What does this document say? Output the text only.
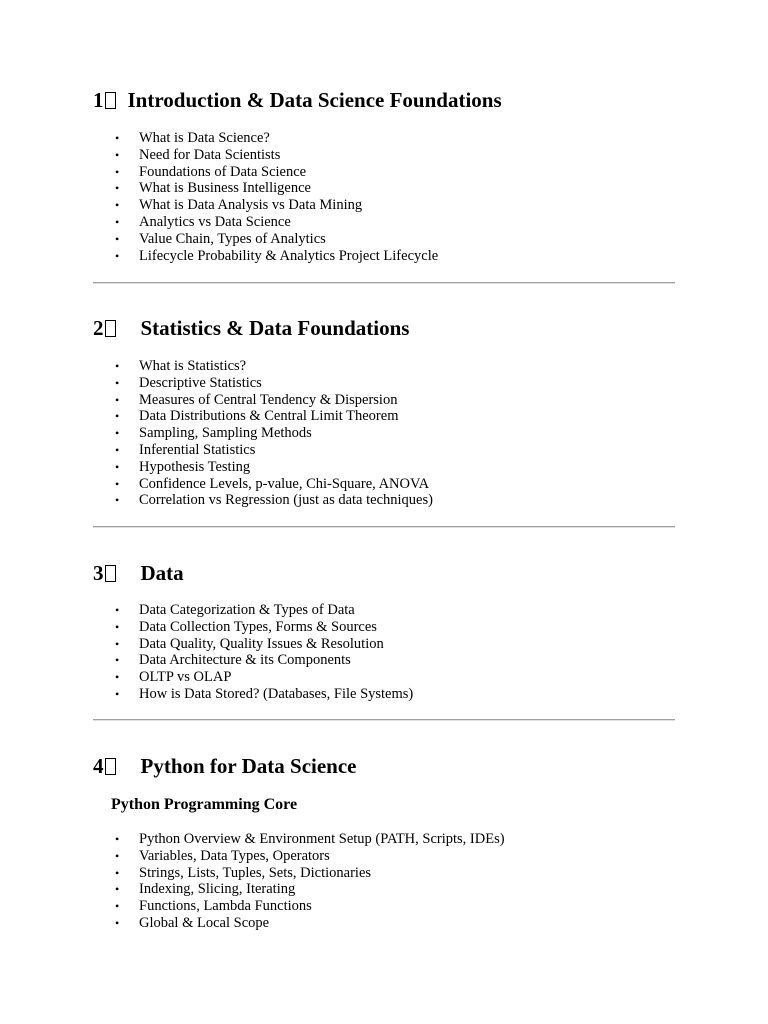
1 Introduction & Data Science Foundations
• What is Data Science?
• Need for Data Scientists
• Foundations of Data Science
• What is Business Intelligence
• What is Data Analysis vs Data Mining
• Analytics vs Data Science
• Value Chain, Types of Analytics
• Lifecycle Probability & Analytics Project Lifecycle
2 Statistics & Data Foundations
• What is Statistics?
• Descriptive Statistics
• Measures of Central Tendency & Dispersion
• Data Distributions & Central Limit Theorem
• Sampling, Sampling Methods
• Inferential Statistics
• Hypothesis Testing
• Confidence Levels, p-value, Chi-Square, ANOVA
• Correlation vs Regression (just as data techniques)
3 Data
• Data Categorization & Types of Data
• Data Collection Types, Forms & Sources
• Data Quality, Quality Issues & Resolution
• Data Architecture & its Components
• OLTP vs OLAP
• How is Data Stored? (Databases, File Systems)
4 Python for Data Science
Python Programming Core
• Python Overview & Environment Setup (PATH, Scripts, IDEs)
• Variables, Data Types, Operators
• Strings, Lists, Tuples, Sets, Dictionaries
• Indexing, Slicing, Iterating
• Functions, Lambda Functions
• Global & Local Scope
